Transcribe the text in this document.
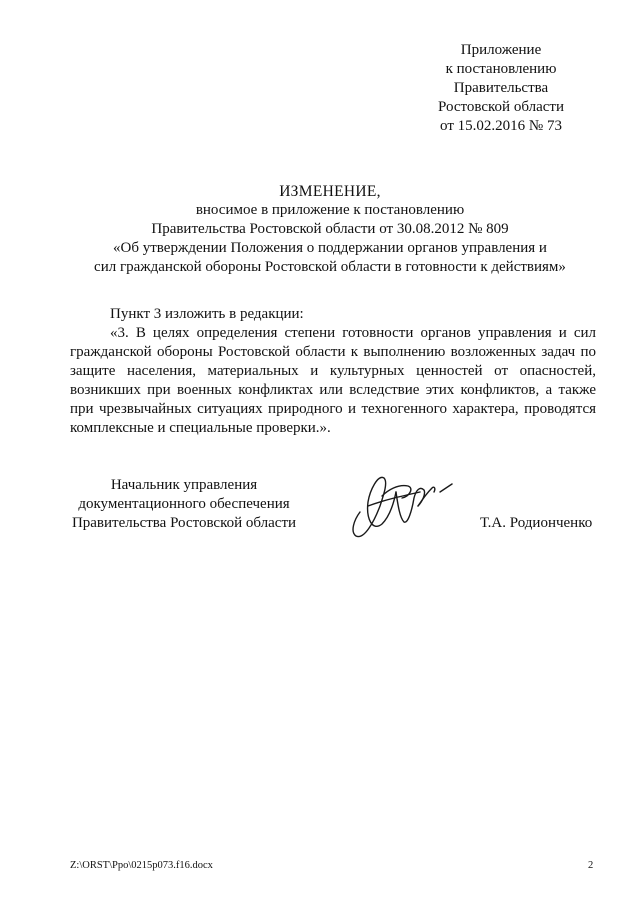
Приложение
к постановлению
Правительства
Ростовской области
от 15.02.2016 № 73
ИЗМЕНЕНИЕ,
вносимое в приложение к постановлению
Правительства Ростовской области от 30.08.2012 № 809
«Об утверждении Положения о поддержании органов управления и
сил гражданской обороны Ростовской области в готовности к действиям»
Пункт 3 изложить в редакции:
«3. В целях определения степени готовности органов управления и сил гражданской обороны Ростовской области к выполнению возложенных задач по защите населения, материальных и культурных ценностей от опасностей, возникших при военных конфликтах или вследствие этих конфликтов, а также при чрезвычайных ситуациях природного и техногенного характера, проводятся комплексные и специальные проверки.».
Начальник управления
документационного обеспечения
Правительства Ростовской области	Т.А. Родионченко
Z:\ORST\Ppo\0215p073.f16.docx	2
